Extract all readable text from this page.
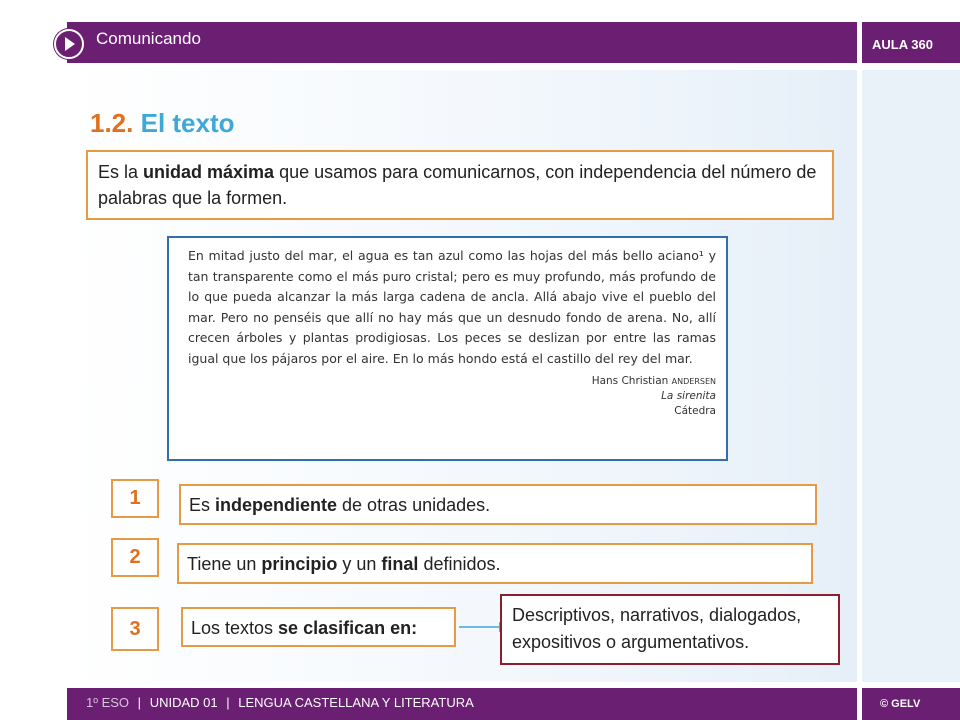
Comunicando	AULA 360
1.2. El texto
Es la unidad máxima que usamos para comunicarnos, con independencia del número de palabras que la formen.
En mitad justo del mar, el agua es tan azul como las hojas del más bello aciano¹ y tan transparente como el más puro cristal; pero es muy profundo, más profundo de lo que pueda alcanzar la más larga cadena de ancla. Allá abajo vive el pueblo del mar. Pero no penséis que allí no hay más que un desnudo fondo de arena. No, allí crecen árboles y plantas prodigiosas. Los peces se deslizan por entre las ramas igual que los pájaros por el aire. En lo más hondo está el castillo del rey del mar.
Hans Christian andersen
La sirenita
Cátedra
1	Es independiente de otras unidades.
2	Tiene un principio y un final definidos.
3	Los textos se clasifican en:
Descriptivos, narrativos, dialogados, expositivos o argumentativos.
1º ESO | UNIDAD 01 | LENGUA CASTELLANA Y LITERATURA	© GELV
